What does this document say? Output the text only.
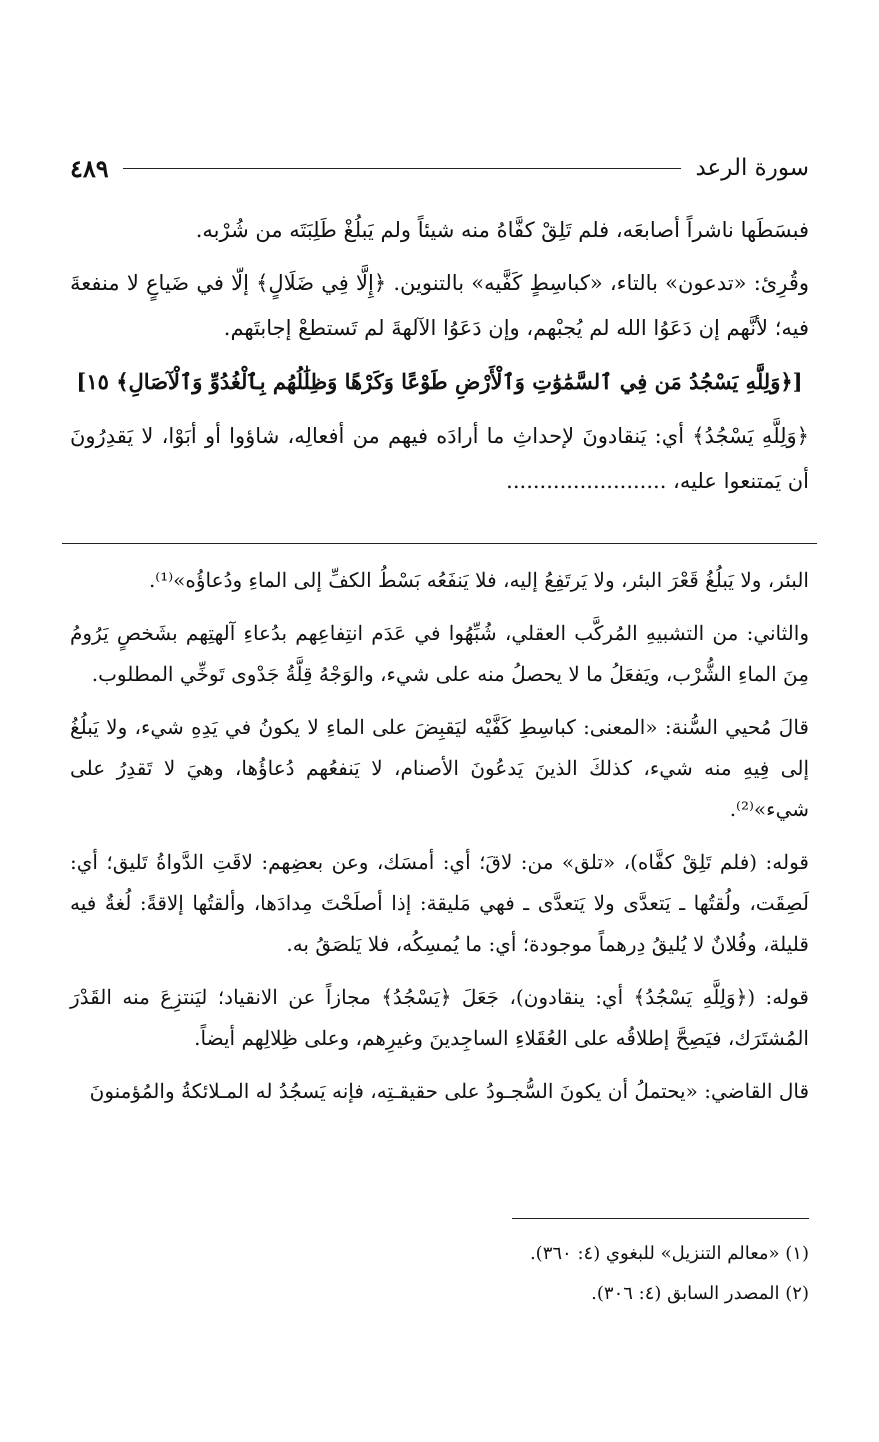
سورة الرعد
٤٨٩

فبسَطَها ناشراً أصابعَه، فلم تَلِقْ كفَّاهُ منه شيئاً ولم يَبلُغْ طَلِبَتَه من شُرْبه.

وقُرِئ: «تدعون» بالتاء، «كباسِطٍ كَفَّيه» بالتنوين. ﴿إِلَّا فِي ضَلَالٍ﴾ إلّا في ضَياعٍ لا منفعةَ فيه؛ لأنَّهم إن دَعَوُا الله لم يُجبْهم، وإن دَعَوُا الآلهةَ لم تَستطعْ إجابتَهم.

[﴿وَلِلَّهِ يَسْجُدُ مَن فِي ٱلسَّمَٰوَٰتِ وَٱلْأَرْضِ طَوْعًا وَكَرْهًا وَظِلَٰلُهُم بِٱلْغُدُوِّ وَٱلْآصَالِ﴾ ١٥]

﴿وَلِلَّهِ يَسْجُدُ﴾ أي: يَنقادونَ لإحداثِ ما أرادَه فيهم من أفعالِه، شاؤوا أو أبَوْا، لا يَقدِرُونَ أن يَمتنعوا عليه، ........................

البئر، ولا يَبلُغُ قَعْرَ البئر، ولا يَرتَفِعُ إليه، فلا يَنفَعُه بَسْطُ الكفِّ إلى الماءِ ودُعاؤُه»⁽¹⁾.

والثاني: من التشبيهِ المُركَّب العقلي، شُبِّهُوا في عَدَم انتِفاعِهم بدُعاءِ آلهتِهم بشَخصٍ يَرُومُ مِنَ الماءِ الشُّرْب، ويَفعَلُ ما لا يحصلُ منه على شيء، والوَجْهُ قِلَّةُ جَدْوى تَوخِّي المطلوب.

قالَ مُحيي السُّنة: «المعنى: كباسِطِ كَفَّيْه ليَقبِضَ على الماءِ لا يكونُ في يَدِهِ شيء، ولا يَبلُغُ إلى فِيهِ منه شيء، كذلكَ الذينَ يَدعُونَ الأصنام، لا يَنفعُهم دُعاؤُها، وهيَ لا تَقدِرُ على شيء»⁽²⁾.

قوله: (فلم تَلِقْ كفَّاه)، «تلق» من: لاقَ؛ أي: أمسَك، وعن بعضِهم: لاقَتِ الدَّواةُ تَليق؛ أي: لَصِقَت، ولُقتُها ـ يَتعدَّى ولا يَتعدَّى ـ فهي مَليقة: إذا أصلَحْتَ مِدادَها، وألقتُها إلاقةً: لُغةٌ فيه قليلة، وفُلانٌ لا يُليقُ دِرهماً موجودة؛ أي: ما يُمسِكُه، فلا يَلصَقُ به.

قوله: (﴿وَلِلَّهِ يَسْجُدُ﴾ أي: ينقادون)، جَعَلَ ﴿يَسْجُدُ﴾ مجازاً عن الانقياد؛ ليَنتزِعَ منه القَدْرَ المُشتَرَك، فيَصِحَّ إطلاقُه على العُقَلاءِ الساجِدينَ وغيرِهم، وعلى ظِلالِهم أيضاً.

قال القاضي: «يحتملُ أن يكونَ السُّجـودُ على حقيقـتِه، فإنه يَسجُدُ له المـلائكةُ والمُؤمنونَ

(١) «معالم التنزيل» للبغوي (٤: ٣٦٠).
(٢) المصدر السابق (٤: ٣٠٦).
